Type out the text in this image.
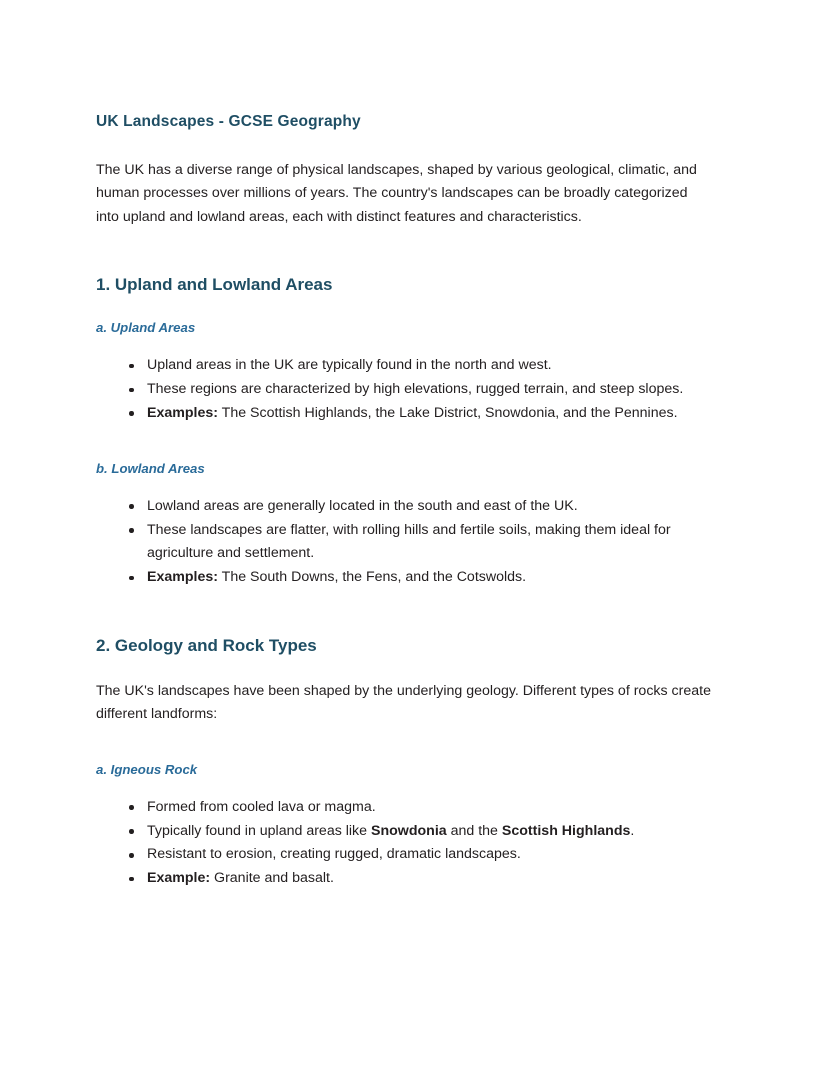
UK Landscapes - GCSE Geography

The UK has a diverse range of physical landscapes, shaped by various geological, climatic, and human processes over millions of years. The country's landscapes can be broadly categorized into upland and lowland areas, each with distinct features and characteristics.

1. Upland and Lowland Areas
a. Upland Areas
Upland areas in the UK are typically found in the north and west.
These regions are characterized by high elevations, rugged terrain, and steep slopes.
Examples: The Scottish Highlands, the Lake District, Snowdonia, and the Pennines.
b. Lowland Areas
Lowland areas are generally located in the south and east of the UK.
These landscapes are flatter, with rolling hills and fertile soils, making them ideal for agriculture and settlement.
Examples: The South Downs, the Fens, and the Cotswolds.
2. Geology and Rock Types

The UK's landscapes have been shaped by the underlying geology. Different types of rocks create different landforms:

a. Igneous Rock
Formed from cooled lava or magma.
Typically found in upland areas like Snowdonia and the Scottish Highlands.
Resistant to erosion, creating rugged, dramatic landscapes.
Example: Granite and basalt.
